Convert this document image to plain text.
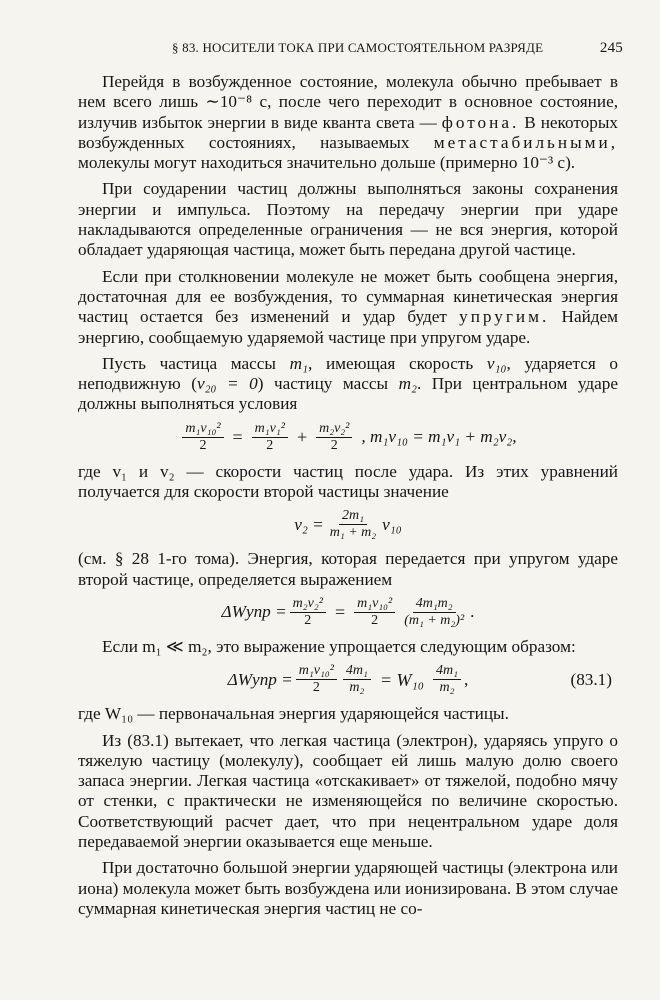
§ 83. НОСИТЕЛИ ТОКА ПРИ САМОСТОЯТЕЛЬНОМ РАЗРЯДЕ	245

Перейдя в возбужденное состояние, молекула обычно пребывает в нем всего лишь ∼10⁻⁸ с, после чего переходит в основное состояние, излучив избыток энергии в виде кванта света — фотона. В некоторых возбужденных состояниях, называемых метастабильными, молекулы могут находиться значительно дольше (примерно 10⁻³ с).

При соударении частиц должны выполняться законы сохранения энергии и импульса. Поэтому на передачу энергии при ударе накладываются определенные ограничения — не вся энергия, которой обладает ударяющая частица, может быть передана другой частице.

Если при столкновении молекуле не может быть сообщена энергия, достаточная для ее возбуждения, то суммарная кинетическая энергия частиц остается без изменений и удар будет упругим. Найдем энергию, сообщаемую ударяемой частице при упругом ударе.

Пусть частица массы m₁, имеющая скорость v₁₀, ударяется о неподвижную (v₂₀ = 0) частицу массы m₂. При центральном ударе должны выполняться условия

$\frac{\text{m₁v₁₀²}}{2} = \frac{\text{m₁v₁²}}{2} + \frac{\text{m₂v₂²}}{2}$ , m₁v₁₀ = m₁v₁ + m₂v₂,

где v₁ и v₂ — скорости частиц после удара. Из этих уравнений получается для скорости второй частицы значение

$v_2 = \frac{\text{2m₁}}{\text{m₁ + m₂}} v_{10}$

(см. § 28 1-го тома). Энергия, которая передается при упругом ударе второй частице, определяется выражением

ΔWупр = $\frac{\text{m₂v₂²}}{2} = \frac{\text{m₁v₁₀²}}{2} \frac{\text{4m₁m₂}}{\text{(m₁ + m₂)²}}$ .

Если m₁ ≪ m₂, это выражение упрощается следующим образом:

ΔWупр = $\frac{\text{m₁v₁₀²}}{2} \frac{\text{4m₁}}{\text{m₂}} = W_{10} \frac{\text{4m₁}}{\text{m₂}}$ ,	(83.1)

где W₁₀ — первоначальная энергия ударяющейся частицы.

Из (83.1) вытекает, что легкая частица (электрон), ударяясь упруго о тяжелую частицу (молекулу), сообщает ей лишь малую долю своего запаса энергии. Легкая частица «отскакивает» от тяжелой, подобно мячу от стенки, с практически не изменяющейся по величине скоростью. Соответствующий расчет дает, что при нецентральном ударе доля передаваемой энергии оказывается еще меньше.

При достаточно большой энергии ударяющей частицы (электрона или иона) молекула может быть возбуждена или ионизирована. В этом случае суммарная кинетическая энергия частиц не со-
